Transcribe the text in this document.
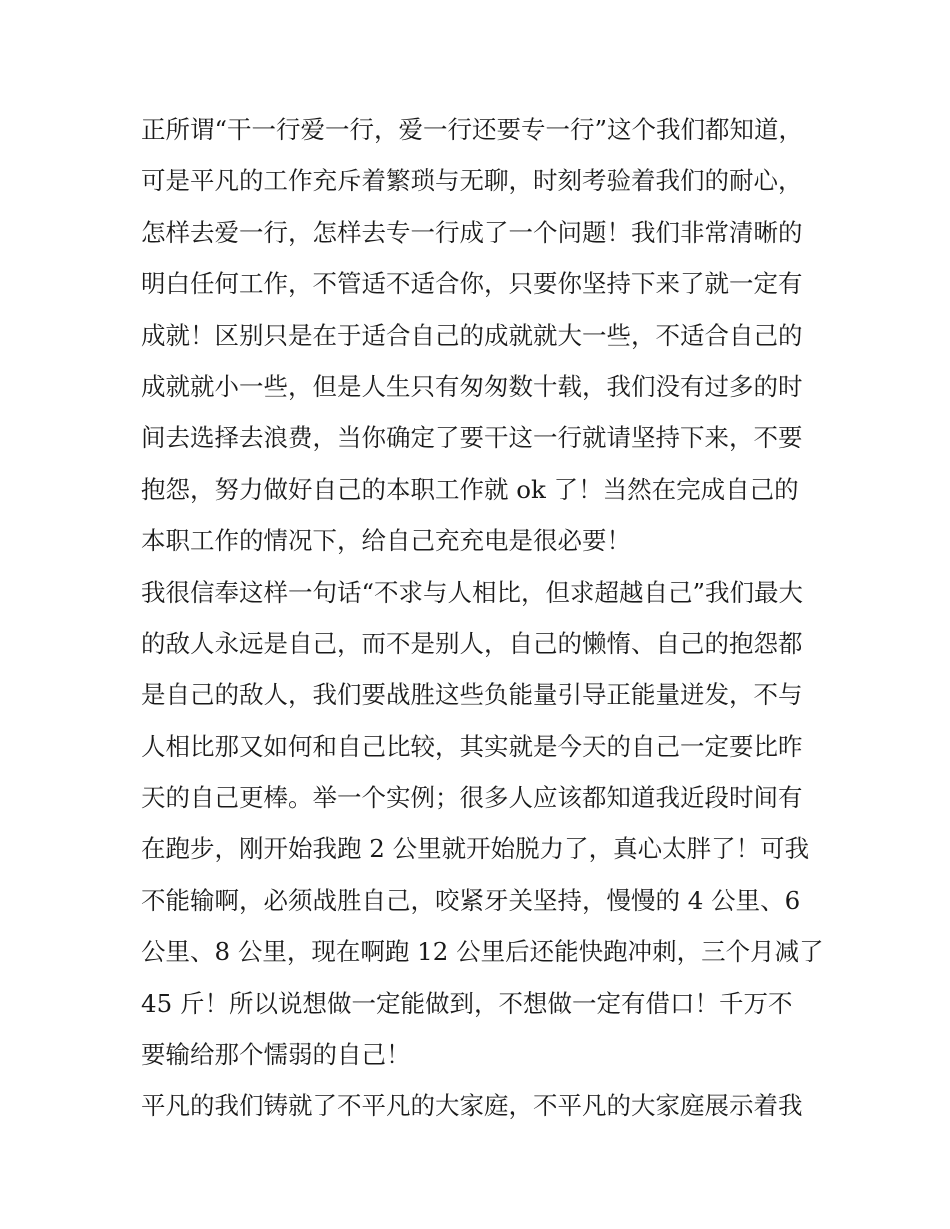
正所谓“干一行爱一行，爱一行还要专一行”这个我们都知道，
可是平凡的工作充斥着繁琐与无聊，时刻考验着我们的耐心，
怎样去爱一行，怎样去专一行成了一个问题！我们非常清晰的
明白任何工作，不管适不适合你，只要你坚持下来了就一定有
成就！区别只是在于适合自己的成就就大一些，不适合自己的
成就就小一些，但是人生只有匆匆数十载，我们没有过多的时
间去选择去浪费，当你确定了要干这一行就请坚持下来，不要
抱怨，努力做好自己的本职工作就 ok 了！当然在完成自己的
本职工作的情况下，给自己充充电是很必要！
我很信奉这样一句话“不求与人相比，但求超越自己”我们最大
的敌人永远是自己，而不是别人，自己的懒惰、自己的抱怨都
是自己的敌人，我们要战胜这些负能量引导正能量迸发，不与
人相比那又如何和自己比较，其实就是今天的自己一定要比昨
天的自己更棒。举一个实例；很多人应该都知道我近段时间有
在跑步，刚开始我跑 2 公里就开始脱力了，真心太胖了！可我
不能输啊，必须战胜自己，咬紧牙关坚持，慢慢的 4 公里、6
公里、8 公里，现在啊跑 12 公里后还能快跑冲刺，三个月减了
45 斤！所以说想做一定能做到，不想做一定有借口！千万不
要输给那个懦弱的自己！
平凡的我们铸就了不平凡的大家庭，不平凡的大家庭展示着我
